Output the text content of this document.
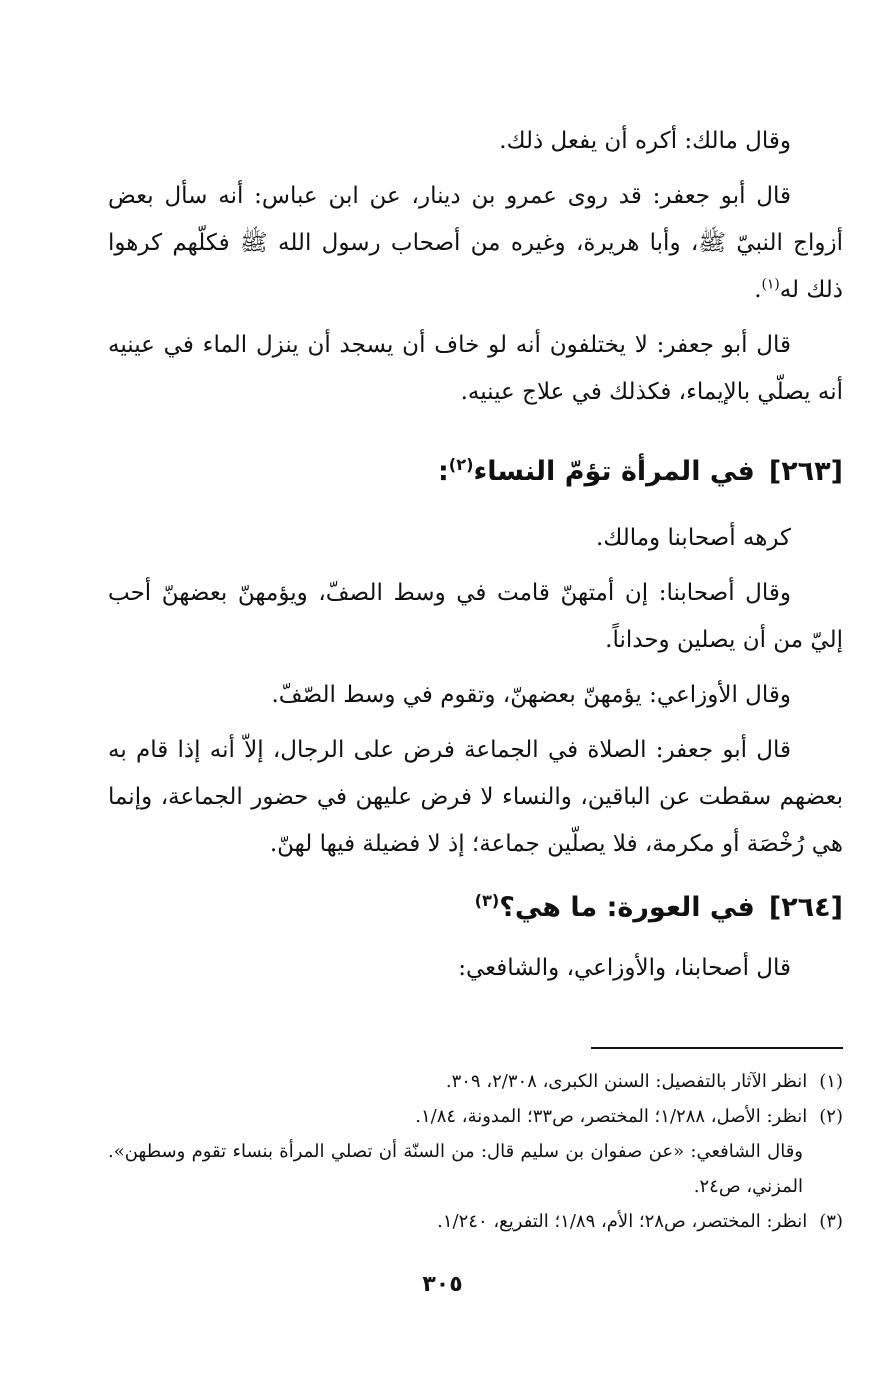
وقال مالك: أكره أن يفعل ذلك.

قال أبو جعفر: قد روى عمرو بن دينار، عن ابن عباس: أنه سأل بعض أزواج النبيّ ﷺ، وأبا هريرة، وغيره من أصحاب رسول الله ﷺ فكلّهم كرهوا ذلك له$^{(١)}$.

قال أبو جعفر: لا يختلفون أنه لو خاف أن يسجد أن ينزل الماء في عينيه أنه يصلّي بالإيماء، فكذلك في علاج عينيه.

[٢٦٣]في المرأة تؤمّ النساء$^{(٢)}$:

كرهه أصحابنا ومالك.

وقال أصحابنا: إن أمتهنّ قامت في وسط الصفّ، ويؤمهنّ بعضهنّ أحب إليّ من أن يصلين وحداناً.

وقال الأوزاعي: يؤمهنّ بعضهنّ، وتقوم في وسط الصّفّ.

قال أبو جعفر: الصلاة في الجماعة فرض على الرجال، إلاّ أنه إذا قام به بعضهم سقطت عن الباقين، والنساء لا فرض عليهن في حضور الجماعة، وإنما هي رُخْصَة أو مكرمة، فلا يصلّين جماعة؛ إذ لا فضيلة فيها لهنّ.

[٢٦٤]في العورة: ما هي؟$^{(٣)}$

قال أصحابنا، والأوزاعي، والشافعي:

(١)انظر الآثار بالتفصيل: السنن الكبرى، ٢/٣٠٨، ٣٠٩.

(٢)انظر: الأصل، ١/٢٨٨؛ المختصر، ص٣٣؛ المدونة، ١/٨٤.

وقال الشافعي: «عن صفوان بن سليم قال: من السنّة أن تصلي المرأة بنساء تقوم وسطهن». المزني، ص٢٤.

(٣)انظر: المختصر، ص٢٨؛ الأم، ١/٨٩؛ التفريع، ١/٢٤٠.

٣٠٥
